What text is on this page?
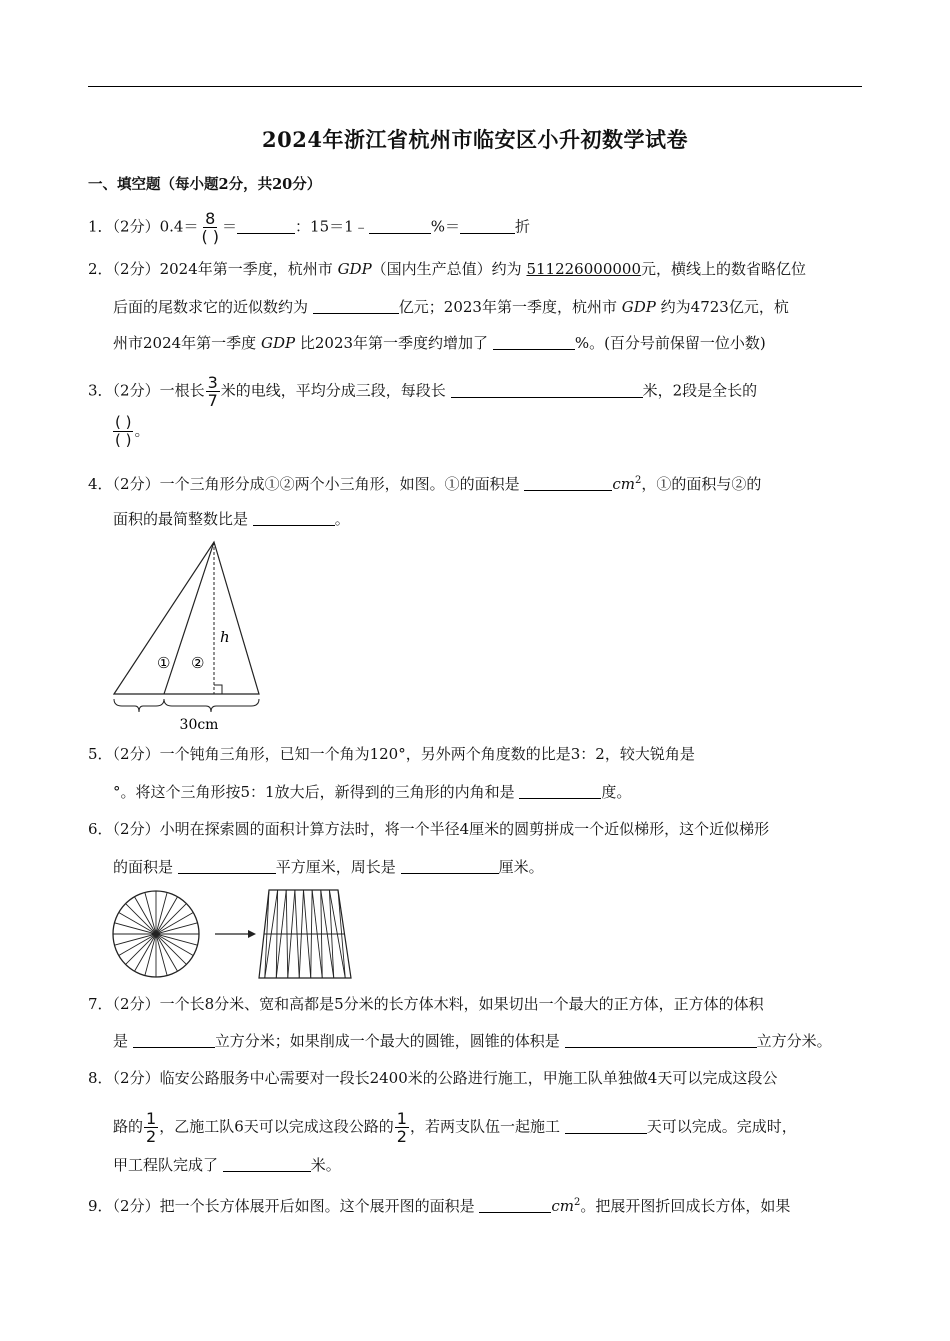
2024年浙江省杭州市临安区小升初数学试卷
一、填空题（每小题2分，共20分）
1．（2分）$0.4= \frac{8}{( )}$ ＝	：15＝1﹣	%＝	折
2．（2分）2024年第一季度，杭州市 GDP（国内生产总值）约为 511226000000元，横线上的数省略亿位
后面的尾数求它的近似数约为	亿元；2023年第一季度，杭州市 GDP 约为4723亿元，杭
州市2024年第一季度 GDP 比2023年第一季度约增加了	%。(百分号前保留一位小数)
3．（2分）一根长 $\frac{3}{7}$ 米的电线，平均分成三段，每段长	米，2段是全长的
$\frac{( )}{( )}$ 。
4．（2分）一个三角形分成①②两个小三角形，如图。①的面积是	$cm^2$，①的面积与②的
面积的最简整数比是	。
① ②
h
30cm
5．（2分）一个钝角三角形，已知一个角为120°，另外两个角度数的比是3：2，较大锐角是
°。将这个三角形按5：1放大后，新得到的三角形的内角和是	度。
6．（2分）小明在探索圆的面积计算方法时，将一个半径4厘米的圆剪拼成一个近似梯形，这个近似梯形
的面积是	平方厘米，周长是	厘米。
7．（2分）一个长8分米、宽和高都是5分米的长方体木料，如果切出一个最大的正方体，正方体的体积
是	立方分米；如果削成一个最大的圆锥，圆锥的体积是	立方分米。
8．（2分）临安公路服务中心需要对一段长2400米的公路进行施工，甲施工队单独做4天可以完成这段公
路的 $\frac{1}{2}$ ，乙施工队6天可以完成这段公路的 $\frac{1}{2}$ ，若两支队伍一起施工	天可以完成。完成时，
甲工程队完成了	米。
9．（2分）把一个长方体展开后如图。这个展开图的面积是	$cm^2$。把展开图折回成长方体，如果
